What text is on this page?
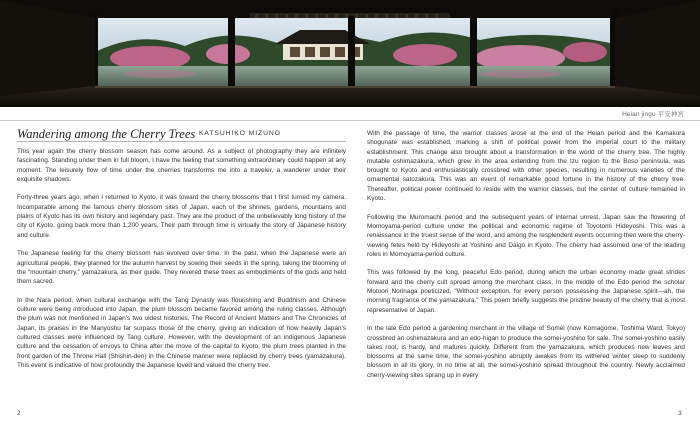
Heian jingu 平安神宮
Wandering among the Cherry Trees KATSUHIKO MIZUNO

This year again the cherry blossom season has come around. As a subject of photography they are infinitely fascinating. Standing under them in full bloom, I have the feeling that something extraordinary could happen at any moment. The leisurely flow of time under the cherries transforms me into a traveler, a wanderer under their exquisite shadows.

Forty-three years ago, when I returned to Kyoto, it was toward the cherry blossoms that I first turned my camera. Incomparable among the famous cherry blossom sites of Japan, each of the shrines, gardens, mountains and plains of Kyoto has its own history and legendary past. They are the product of the unbelievably long history of the city of Kyoto, going back more than 1,200 years. Their path through time is virtually the story of Japanese history and culture.

The Japanese feeling for the cherry blossom has evolved over time. In the past, when the Japanese were an agricultural people, they planned for the autumn harvest by sowing their seeds in the spring, taking the blooming of the “mountain cherry,” yamazakura, as their guide. They revered these trees as embodiments of the gods and held them sacred.

In the Nara period, when cultural exchange with the Tang Dynasty was flourishing and Buddhism and Chinese culture were being introduced into Japan, the plum blossom became favored among the ruling classes. Although the plum was not mentioned in Japan's two oldest histories, The Record of Ancient Matters and The Chronicles of Japan, its praises in the Manyoshu far surpass those of the cherry, giving an indication of how heavily Japan's cultured classes were influenced by Tang culture. However, with the development of an indigenous Japanese culture and the cessation of envoys to China after the move of the capital to Kyoto, the plum trees planted in the front garden of the Throne Hall (Shishin-den) in the Chinese manner were replaced by cherry trees (yamazakura). This event is indicative of how profoundly the Japanese loved and valued the cherry tree.

With the passage of time, the warrior classes arose at the end of the Heian period and the Kamakura shogunate was established, marking a shift of political power from the imperial court to the military establishment. This change also brought about a transformation in the world of the cherry tree. The highly mutable oshimazakura, which grew in the area extending from the Izu region to the Boso peninsula, was brought to Kyoto and enthusiastically crossbred with other species, resulting in numerous varieties of the ornamental satozakura. This was an event of remarkable good fortune in the history of the cherry tree. Thereafter, political power continued to reside with the warrior classes, but the center of culture remained in Kyoto.

Following the Muromachi period and the subsequent years of internal unrest, Japan saw the flowering of Momoyama-period culture under the political and economic regime of Toyotomi Hideyoshi. This was a renaissance in the truest sense of the word, and among the resplendent events occurring then were the cherry-viewing fetes held by Hideyoshi at Yoshino and Daigo in Kyoto. The cherry had assumed one of the leading roles in Momoyama-period culture.

This was followed by the long, peaceful Edo period, during which the urban economy made great strides forward and the cherry cult spread among the merchant class. In the middle of the Edo period the scholar Motoori Norinaga poeticized, “Without exception, for every person possessing the Japanese spirit—ah, the morning fragrance of the yamazakura.” This poem briefly suggests the pristine beauty of the cherry that is most representative of Japan.

In the late Edo period a gardening merchant in the village of Somei (now Komagome, Toshima Ward, Tokyo) crossbred an oshimazakura and an edo-higan to produce the somei-yoshino for sale. The somei-yoshino easily takes root, is hardy, and matures quickly. Different from the yamazakura, which produces new leaves and blossoms at the same time, the somei-yoshino abruptly awakes from its withered winter sleep to suddenly blossom in all its glory. In no time at all, the somei-yoshino spread throughout the country. Newly acclaimed cherry-viewing sites sprang up in every

2	3
